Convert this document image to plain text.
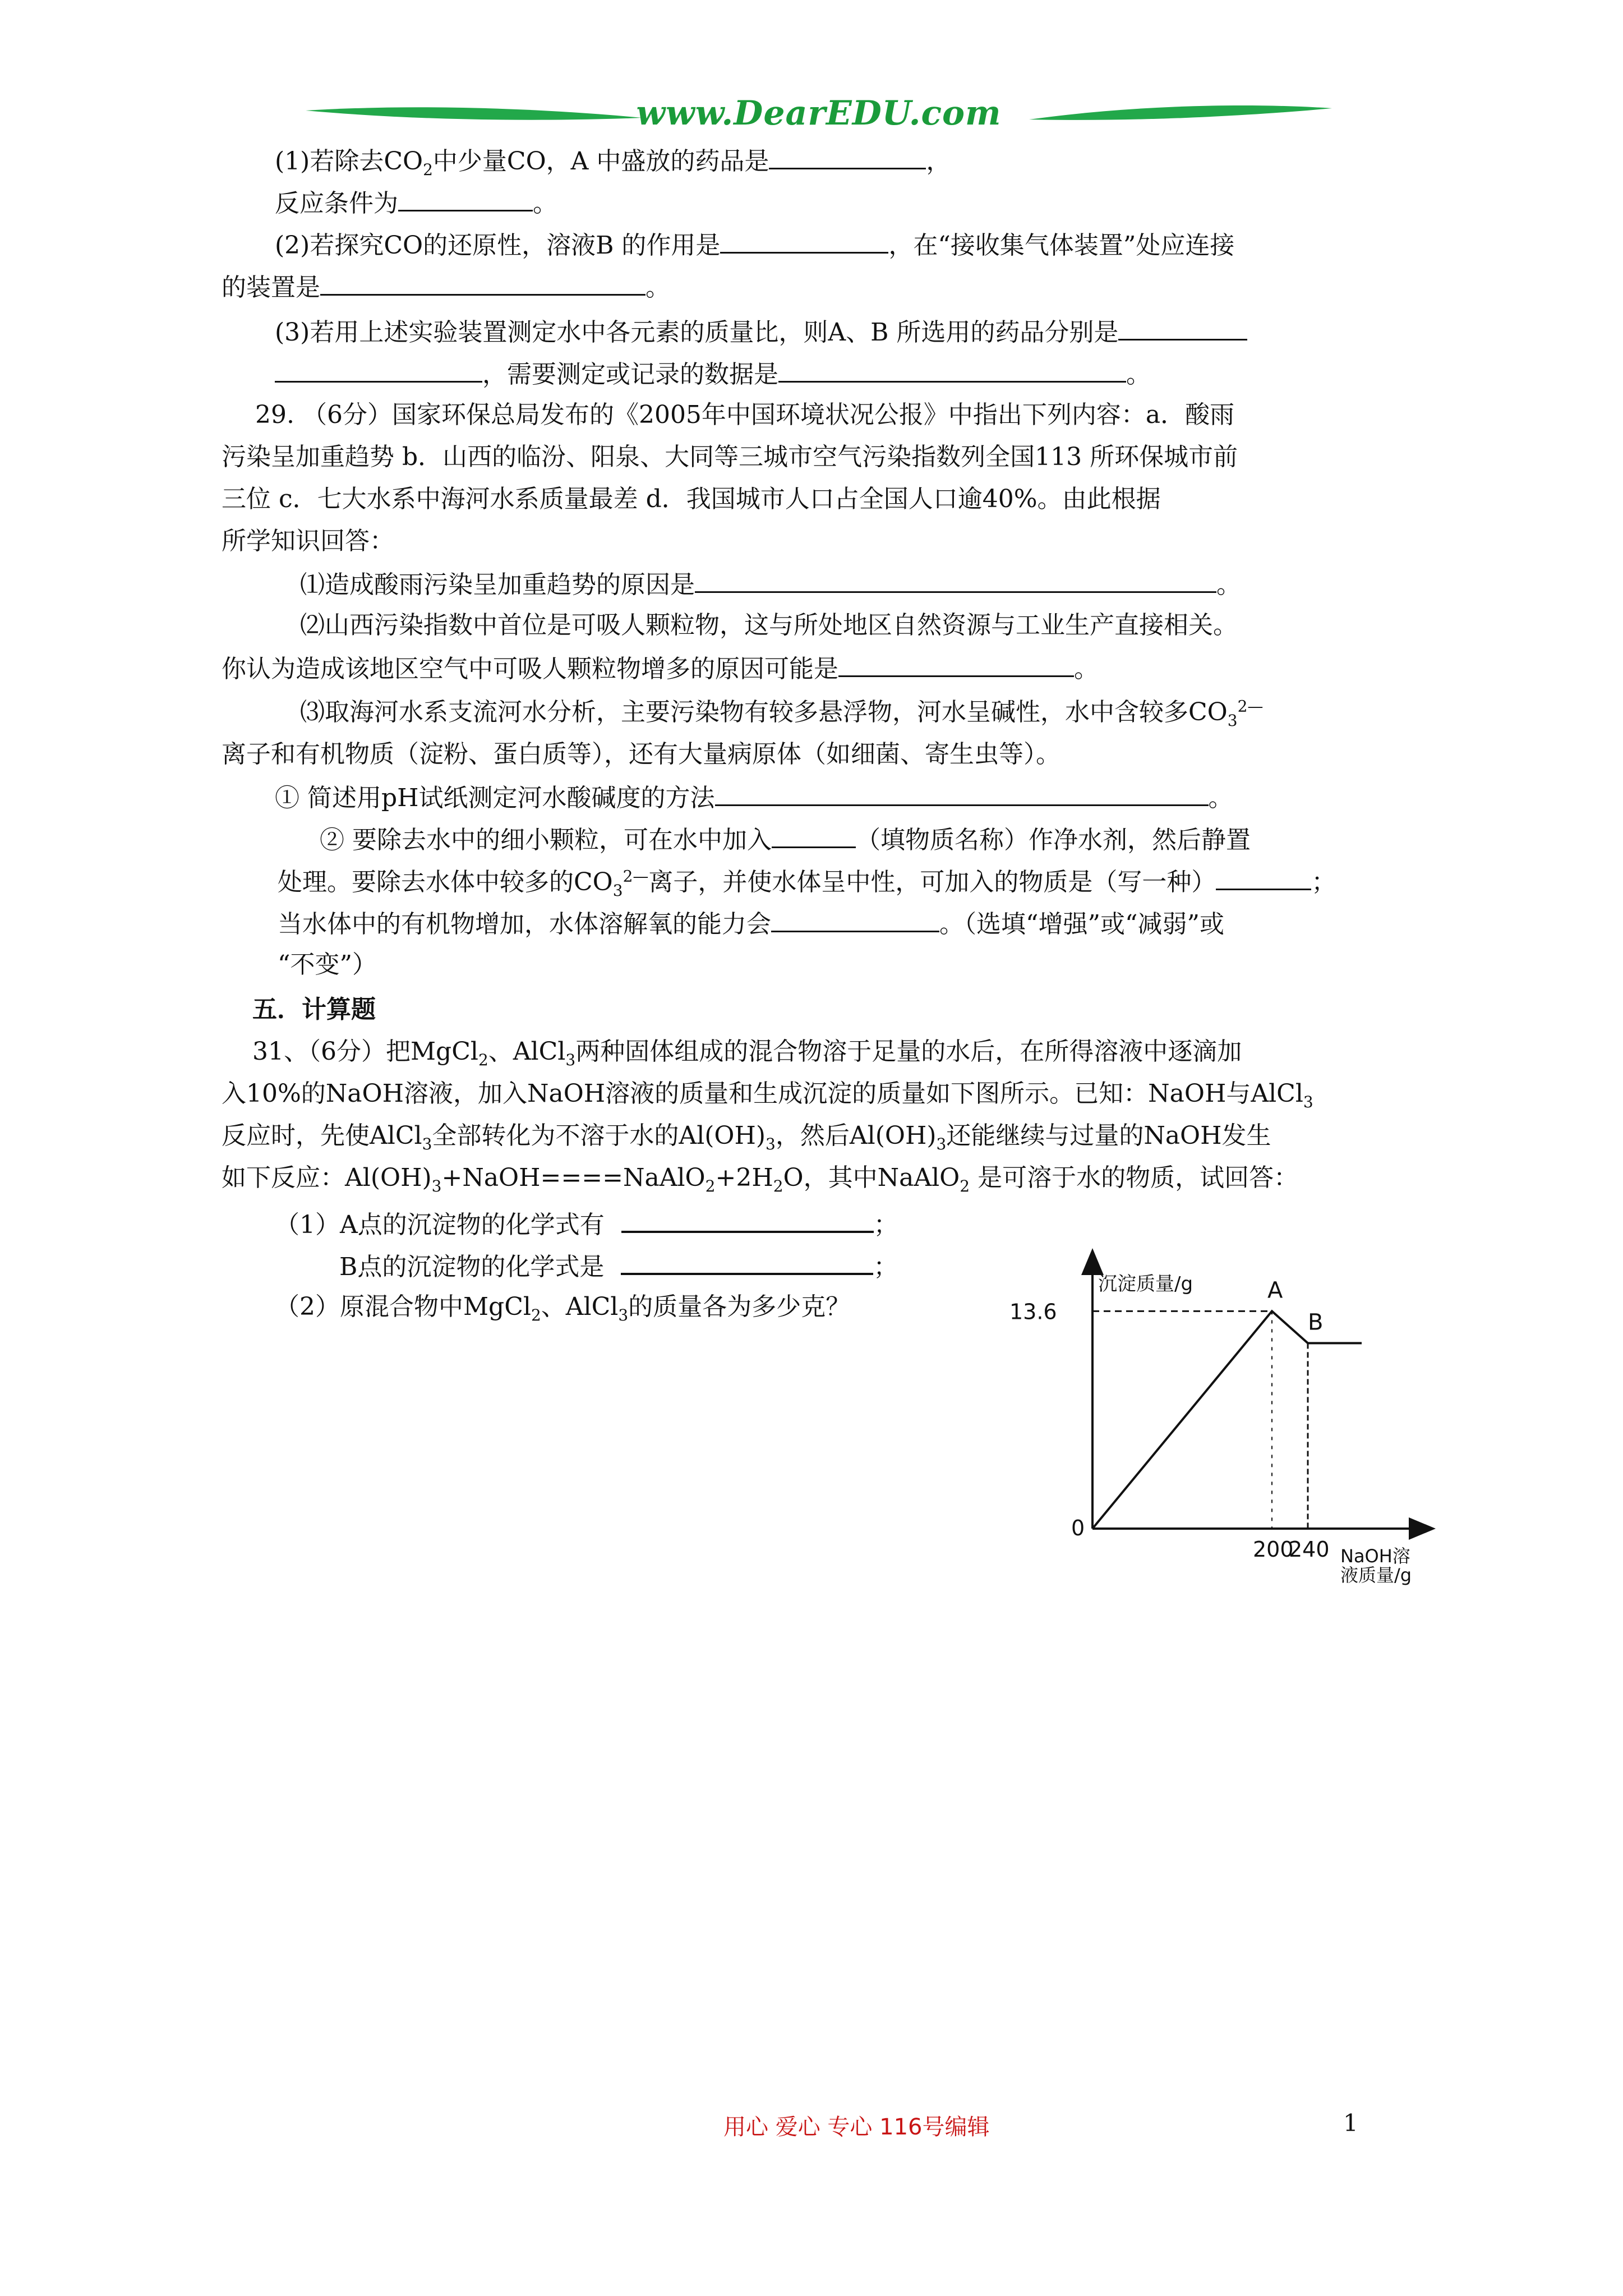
www.DearEDU.com
(1)若除去$CO_2$中少量CO，A 中盛放的药品是	，
反应条件为	。
(2)若探究CO的还原性，溶液B 的作用是	，在“接收集气体装置”处应连接
的装置是	。
(3)若用上述实验装置测定水中各元素的质量比，则A、B 所选用的药品分别是
，需要测定或记录的数据是	。
29. （6分）国家环保总局发布的《2005年中国环境状况公报》中指出下列内容：a．酸雨
污染呈加重趋势 b．山西的临汾、阳泉、大同等三城市空气污染指数列全国113 所环保城市前
三位 c．七大水系中海河水系质量最差 d．我国城市人口占全国人口逾40%。由此根据
所学知识回答：
⑴造成酸雨污染呈加重趋势的原因是	。
⑵山西污染指数中首位是可吸人颗粒物，这与所处地区自然资源与工业生产直接相关。
你认为造成该地区空气中可吸人颗粒物增多的原因可能是	。
⑶取海河水系支流河水分析，主要污染物有较多悬浮物，河水呈碱性，水中含较多$CO_3^{2—}$
离子和有机物质（淀粉、蛋白质等），还有大量病原体（如细菌、寄生虫等）。
① 简述用pH试纸测定河水酸碱度的方法	。
② 要除去水中的细小颗粒，可在水中加入	（填物质名称）作净水剂，然后静置
处理。要除去水体中较多的$CO_3^{2—}$离子，并使水体呈中性，可加入的物质是（写一种）	；
当水体中的有机物增加，水体溶解氧的能力会	。（选填“增强”或“减弱”或
“不变”）
五．计算题
31、（6分）把MgCl$_2$、AlCl$_3$两种固体组成的混合物溶于足量的水后，在所得溶液中逐滴加
入10%的NaOH溶液，加入NaOH溶液的质量和生成沉淀的质量如下图所示。已知：NaOH与AlCl$_3$
反应时，先使AlCl$_3$全部转化为不溶于水的$Al(OH)_3$，然后$Al(OH)_3$还能继续与过量的NaOH发生
如下反应：$Al(OH)_3+NaOH====NaAlO_2+2H_2O$，其中NaAlO$_2$ 是可溶于水的物质，试回答：
（1）A点的沉淀物的化学式有	；
B点的沉淀物的化学式是	；
（2）原混合物中MgCl$_2$、AlCl$_3$的质量各为多少克？
沉淀质量/g
NaOH溶 液质量/g
0
A
B
200
240
13.6
用心 爱心 专心 116号编辑	1
